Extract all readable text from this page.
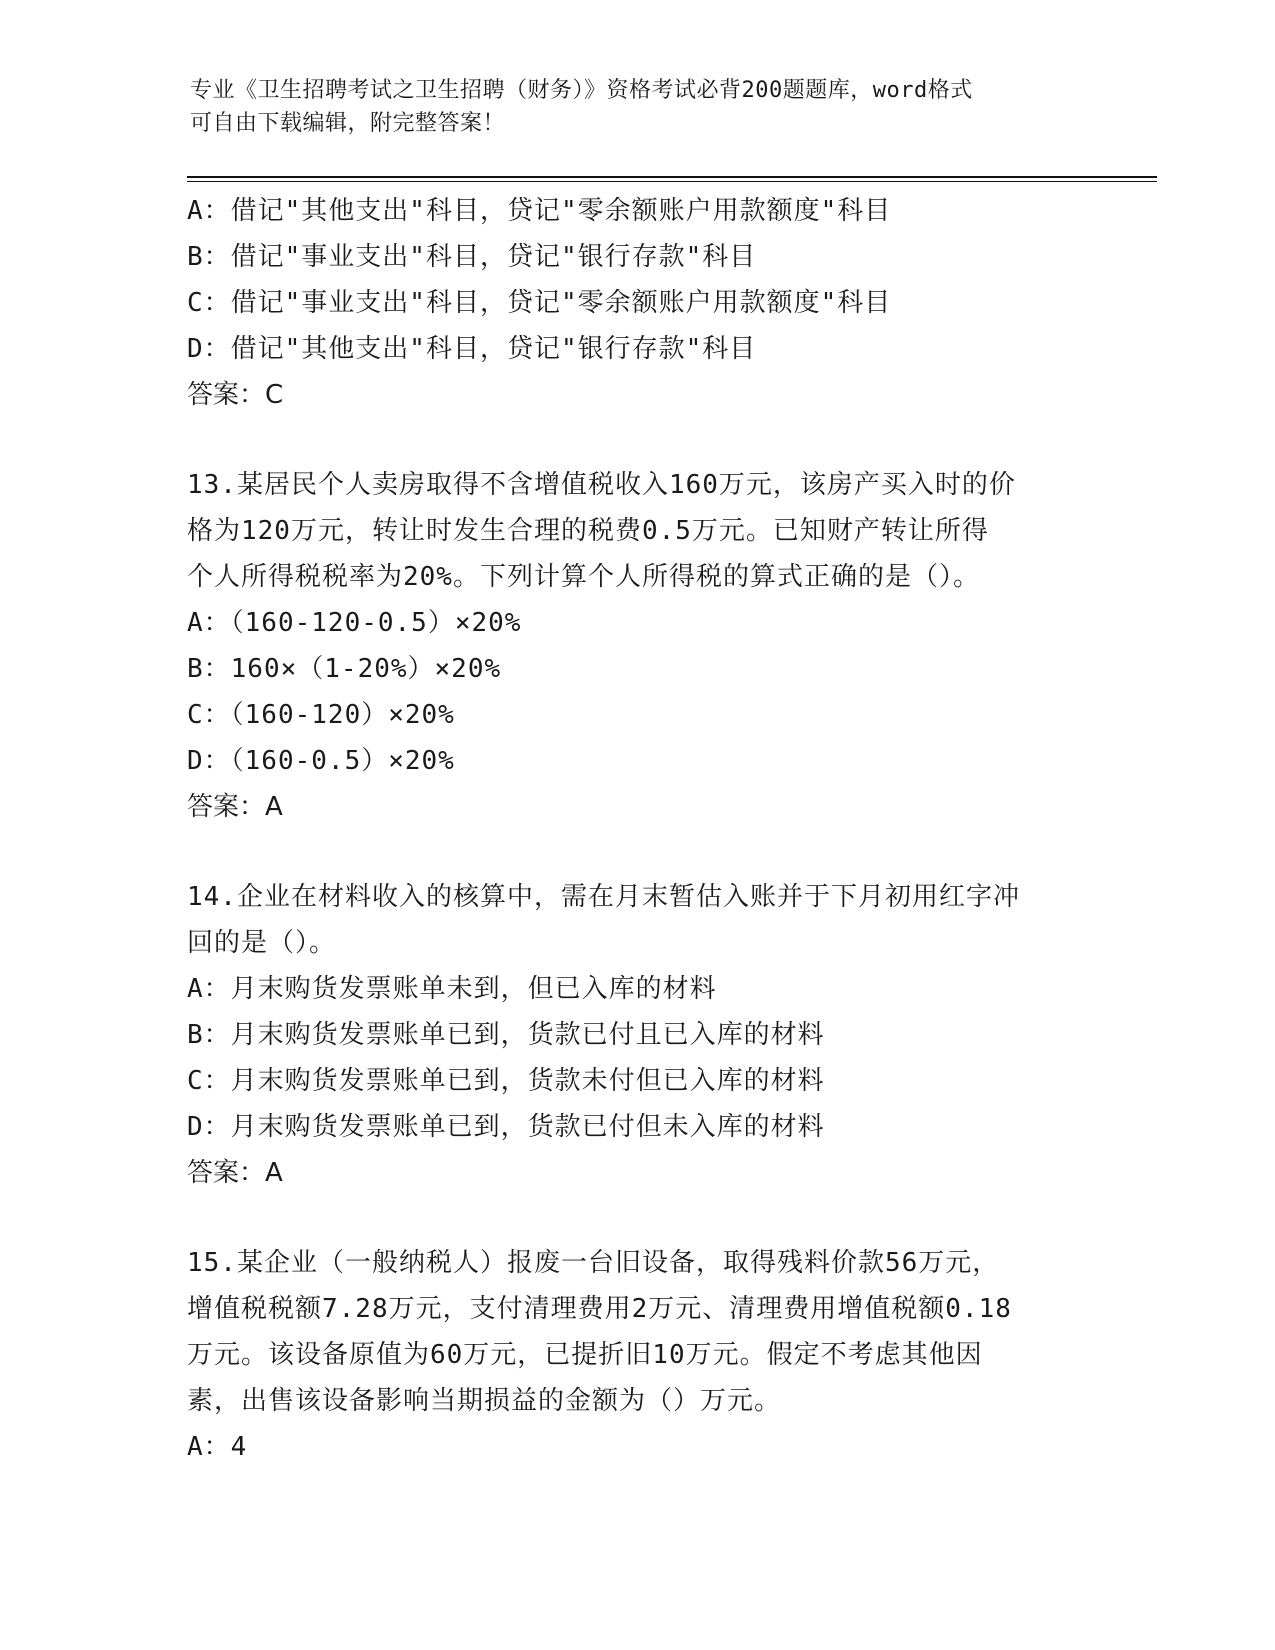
专业《卫生招聘考试之卫生招聘（财务）》资格考试必背200题题库，word格式
可自由下载编辑，附完整答案！
A：借记"其他支出"科目，贷记"零余额账户用款额度"科目
B：借记"事业支出"科目，贷记"银行存款"科目
C：借记"事业支出"科目，贷记"零余额账户用款额度"科目
D：借记"其他支出"科目，贷记"银行存款"科目
答案：C
13.某居民个人卖房取得不含增值税收入160万元，该房产买入时的价
格为120万元，转让时发生合理的税费0.5万元。已知财产转让所得
个人所得税税率为20%。下列计算个人所得税的算式正确的是（）。
A：（160-120-0.5）×20%
B：160×（1-20%）×20%
C：（160-120）×20%
D：（160-0.5）×20%
答案：A
14.企业在材料收入的核算中，需在月末暂估入账并于下月初用红字冲
回的是（）。
A：月末购货发票账单未到，但已入库的材料
B：月末购货发票账单已到，货款已付且已入库的材料
C：月末购货发票账单已到，货款未付但已入库的材料
D：月末购货发票账单已到，货款已付但未入库的材料
答案：A
15.某企业（一般纳税人）报废一台旧设备，取得残料价款56万元，
增值税税额7.28万元，支付清理费用2万元、清理费用增值税额0.18
万元。该设备原值为60万元，已提折旧10万元。假定不考虑其他因
素，出售该设备影响当期损益的金额为（）万元。
A：4
